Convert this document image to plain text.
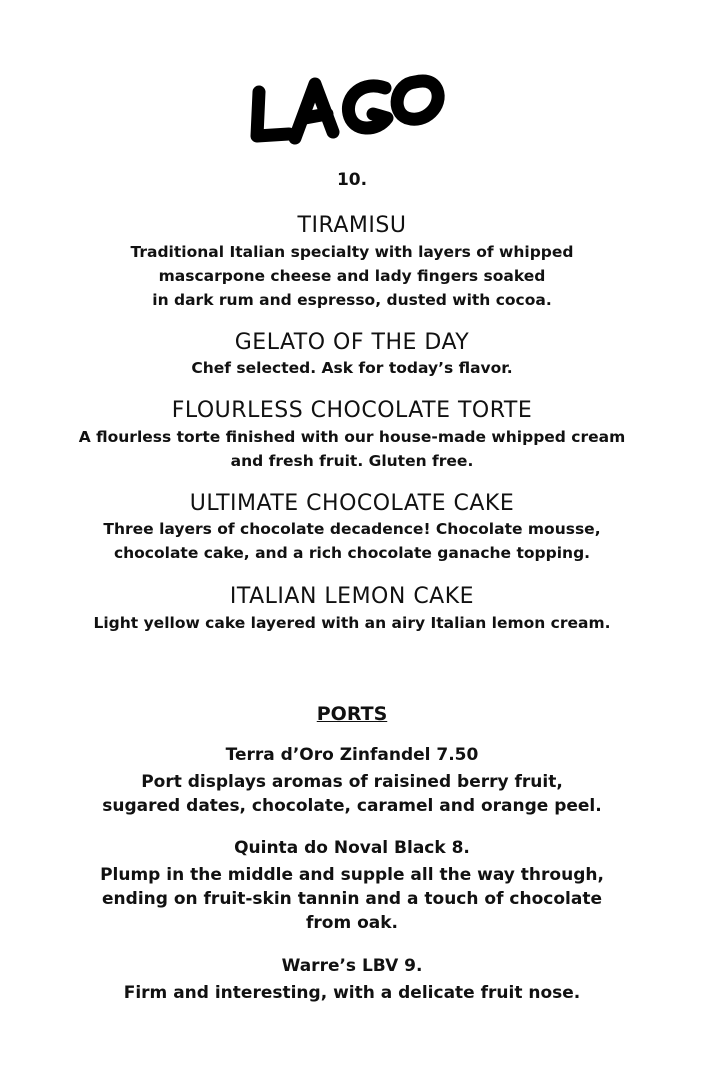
10.
TIRAMISU
Traditional Italian specialty with layers of whipped
mascarpone cheese and lady fingers soaked
in dark rum and espresso, dusted with cocoa.
GELATO OF THE DAY
Chef selected. Ask for today’s flavor.
FLOURLESS CHOCOLATE TORTE
A flourless torte finished with our house-made whipped cream
and fresh fruit. Gluten free.
ULTIMATE CHOCOLATE CAKE
Three layers of chocolate decadence! Chocolate mousse,
chocolate cake, and a rich chocolate ganache topping.
ITALIAN LEMON CAKE
Light yellow cake layered with an airy Italian lemon cream.
PORTS
Terra d’Oro Zinfandel 7.50
Port displays aromas of raisined berry fruit,
sugared dates, chocolate, caramel and orange peel.
Quinta do Noval Black 8.
Plump in the middle and supple all the way through,
ending on fruit-skin tannin and a touch of chocolate
from oak.
Warre’s LBV 9.
Firm and interesting, with a delicate fruit nose.
